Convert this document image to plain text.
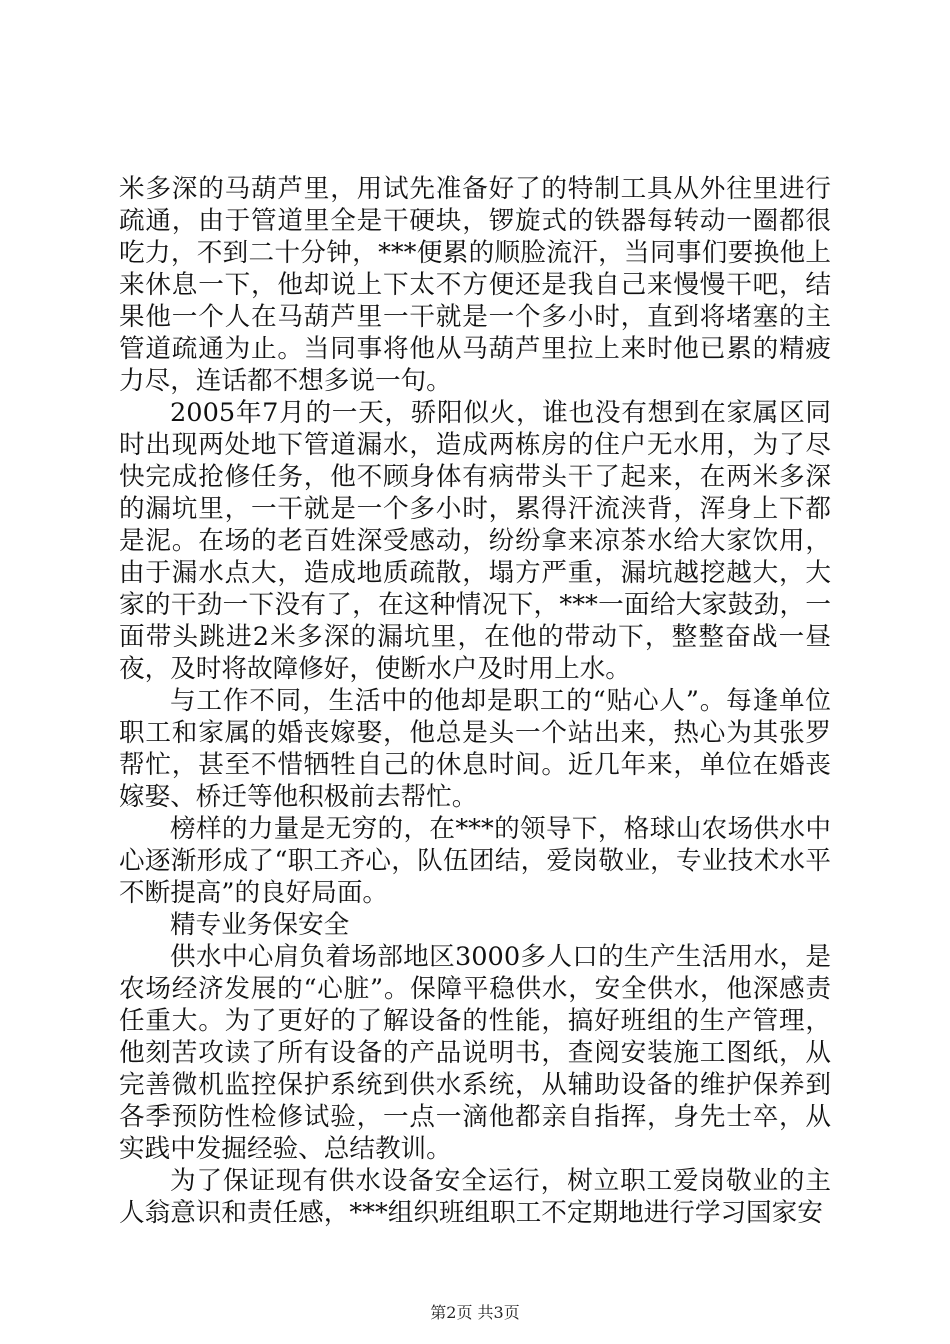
米多深的马葫芦里，用试先准备好了的特制工具从外往里进行疏通，由于管道里全是干硬块，锣旋式的铁器每转动一圈都很吃力，不到二十分钟，***便累的顺脸流汗，当同事们要换他上来休息一下，他却说上下太不方便还是我自己来慢慢干吧，结果他一个人在马葫芦里一干就是一个多小时，直到将堵塞的主管道疏通为止。当同事将他从马葫芦里拉上来时他已累的精疲力尽，连话都不想多说一句。

2005年7月的一天，骄阳似火，谁也没有想到在家属区同时出现两处地下管道漏水，造成两栋房的住户无水用，为了尽快完成抢修任务，他不顾身体有病带头干了起来，在两米多深的漏坑里，一干就是一个多小时，累得汗流浃背，浑身上下都是泥。在场的老百姓深受感动，纷纷拿来凉茶水给大家饮用，由于漏水点大，造成地质疏散，塌方严重，漏坑越挖越大，大家的干劲一下没有了，在这种情况下，***一面给大家鼓劲，一面带头跳进2米多深的漏坑里，在他的带动下，整整奋战一昼夜，及时将故障修好，使断水户及时用上水。

与工作不同，生活中的他却是职工的“贴心人”。每逢单位职工和家属的婚丧嫁娶，他总是头一个站出来，热心为其张罗帮忙，甚至不惜牺牲自己的休息时间。近几年来，单位在婚丧嫁娶、桥迁等他积极前去帮忙。

榜样的力量是无穷的，在***的领导下，格球山农场供水中心逐渐形成了“职工齐心，队伍团结，爱岗敬业，专业技术水平不断提高”的良好局面。

精专业务保安全

供水中心肩负着场部地区3000多人口的生产生活用水，是农场经济发展的“心脏”。保障平稳供水，安全供水，他深感责任重大。为了更好的了解设备的性能，搞好班组的生产管理，他刻苦攻读了所有设备的产品说明书，查阅安装施工图纸，从完善微机监控保护系统到供水系统，从辅助设备的维护保养到各季预防性检修试验，一点一滴他都亲自指挥，身先士卒，从实践中发掘经验、总结教训。

为了保证现有供水设备安全运行，树立职工爱岗敬业的主人翁意识和责任感，***组织班组职工不定期地进行学习国家安

第2页 共3页
